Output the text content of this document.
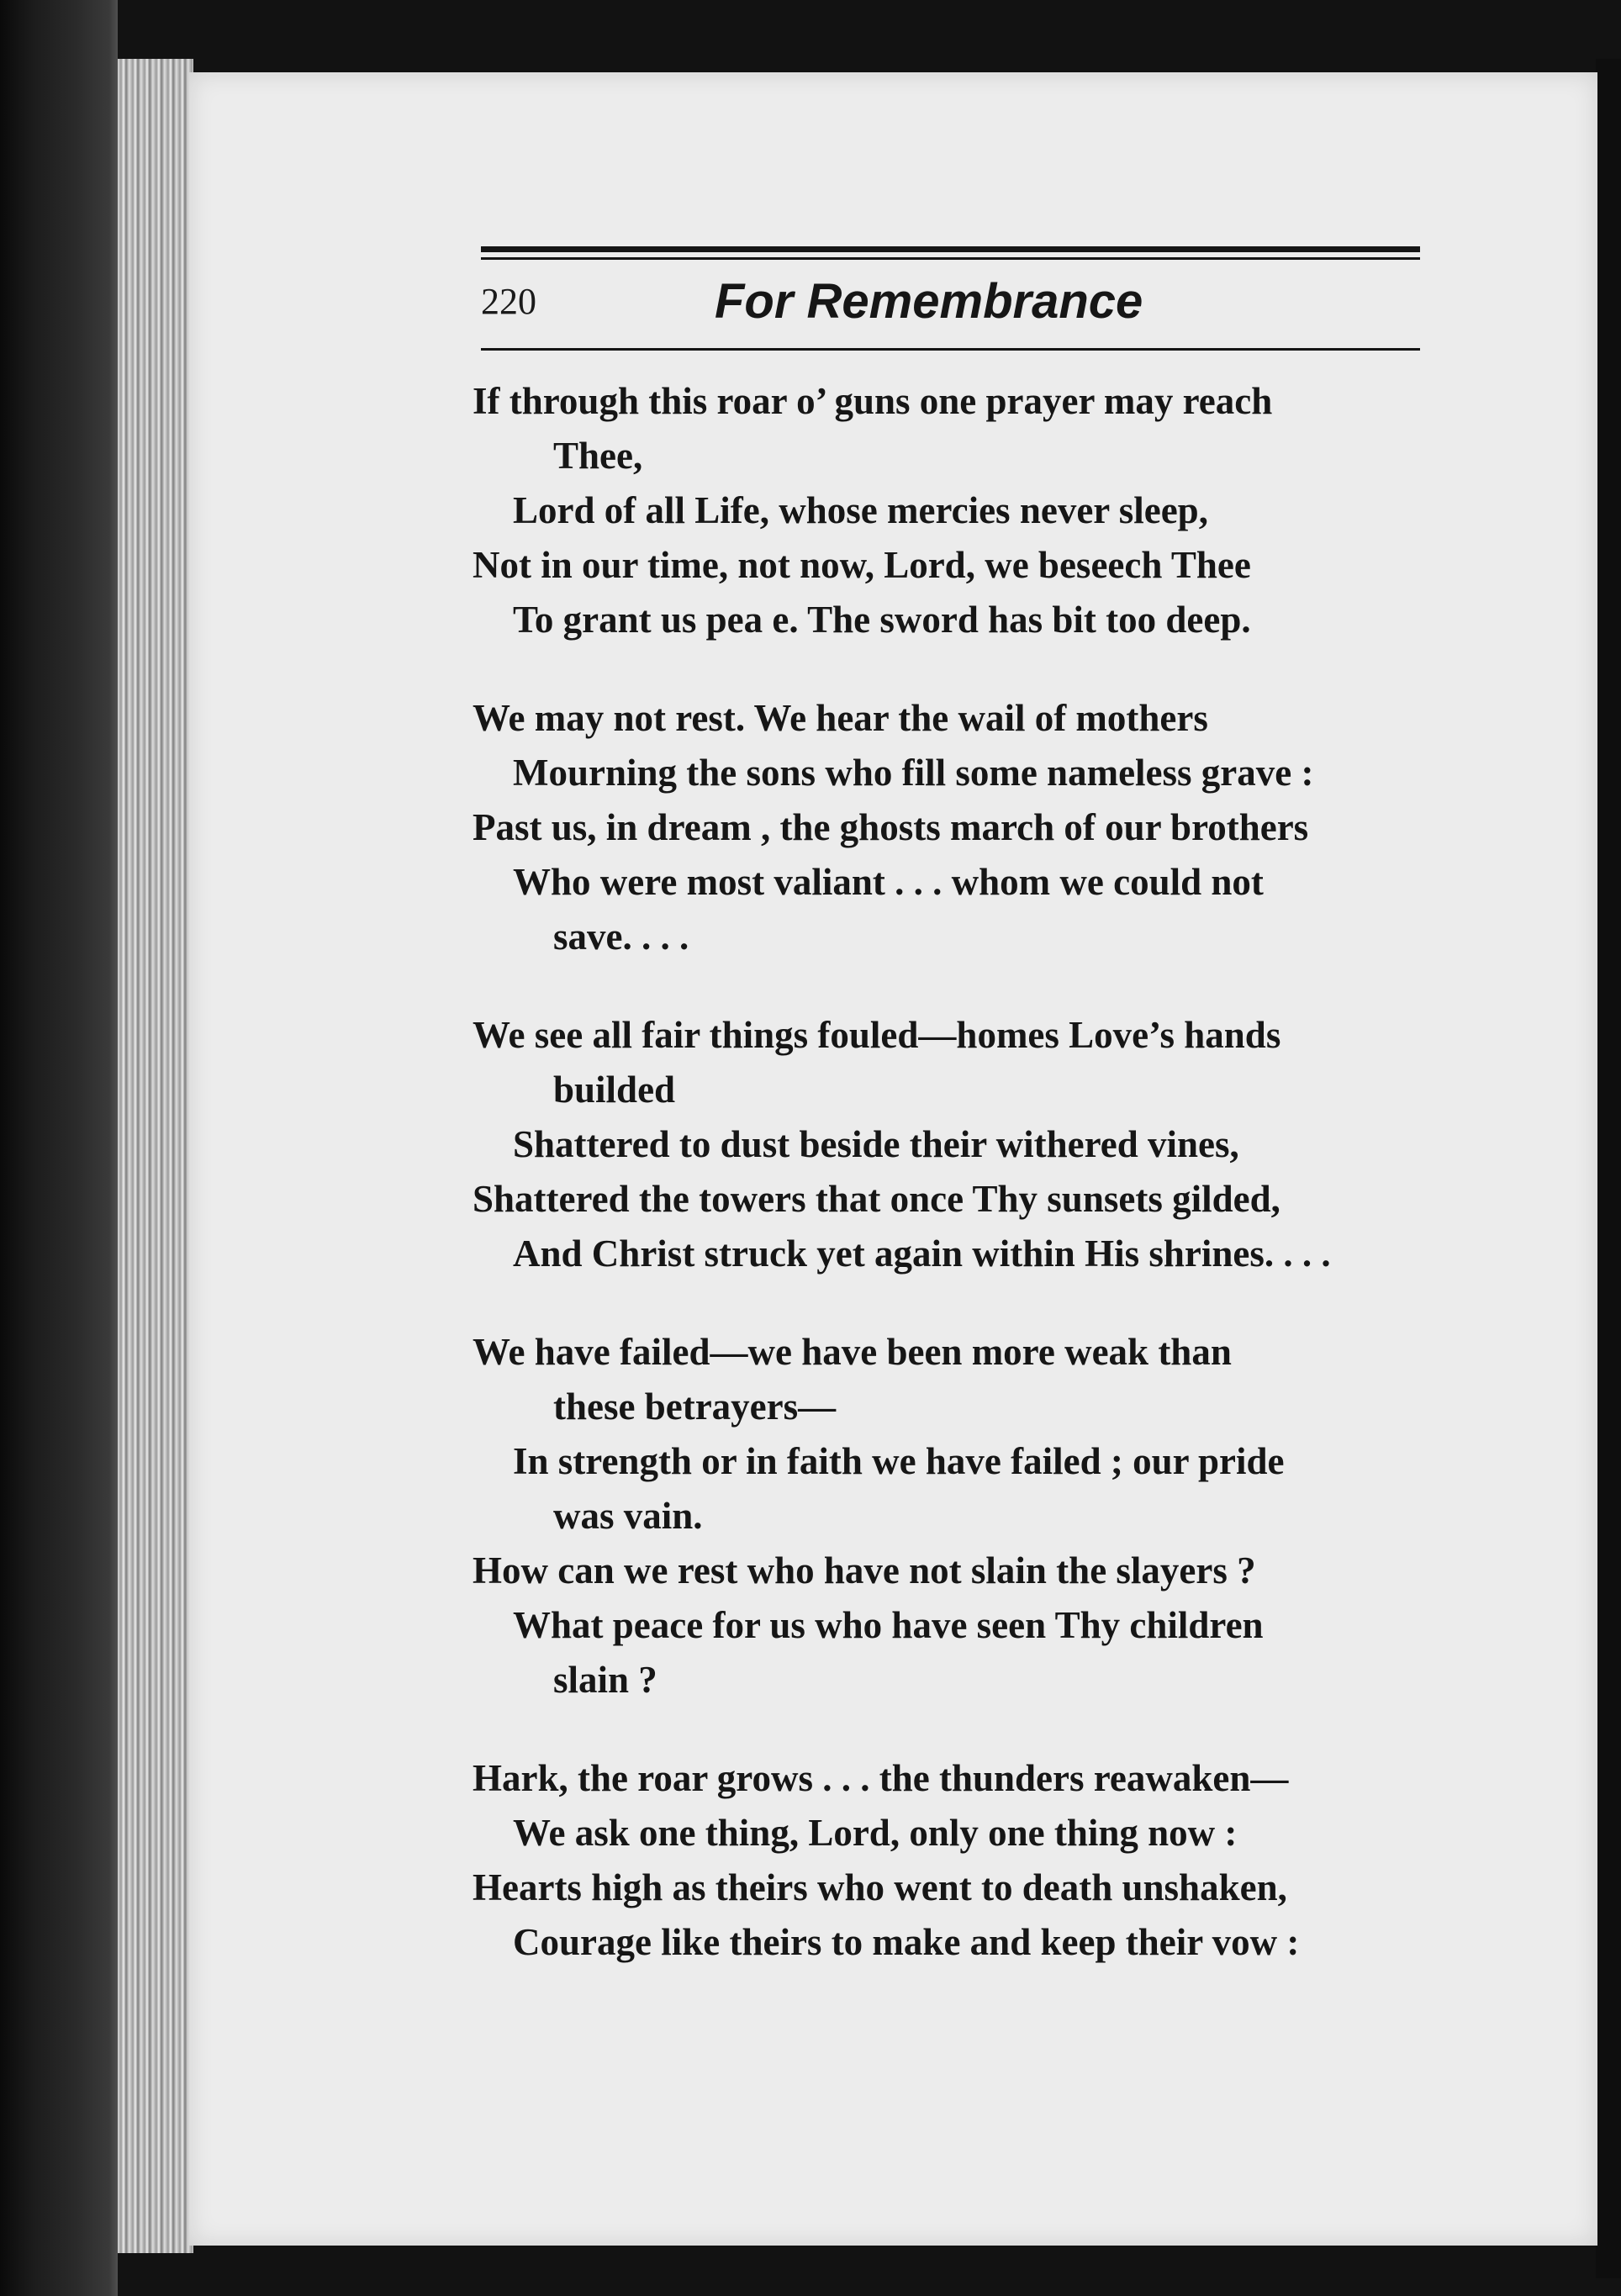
220	For Remembrance
If through this roar o’ guns one prayer may reach
Thee,
Lord of all Life, whose mercies never sleep,
Not in our time, not now, Lord, we beseech Thee
To grant us pea e. The sword has bit too deep.
We may not rest. We hear the wail of mothers
Mourning the sons who fill some nameless grave :
Past us, in dream , the ghosts march of our brothers
Who were most valiant . . . whom we could not
save. . . .
We see all fair things fouled—homes Love’s hands
builded
Shattered to dust beside their withered vines,
Shattered the towers that once Thy sunsets gilded,
And Christ struck yet again within His shrines. . . .
We have failed—we have been more weak than
these betrayers—
In strength or in faith we have failed ; our pride
was vain.
How can we rest who have not slain the slayers ?
What peace for us who have seen Thy children
slain ?
Hark, the roar grows . . . the thunders reawaken—
We ask one thing, Lord, only one thing now :
Hearts high as theirs who went to death unshaken,
Courage like theirs to make and keep their vow :
